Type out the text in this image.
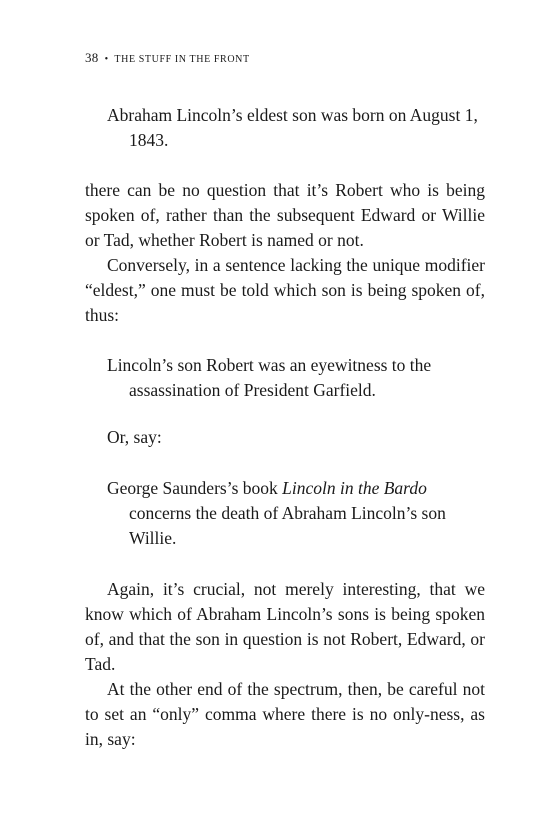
38 • THE STUFF IN THE FRONT

Abraham Lincoln’s eldest son was born on August 1, 1843.

there can be no question that it’s Robert who is being spoken of, rather than the subsequent Edward or Willie or Tad, whether Robert is named or not.

Conversely, in a sentence lacking the unique modifier “eldest,” one must be told which son is being spoken of, thus:

Lincoln’s son Robert was an eyewitness to the assassination of President Garfield.

Or, say:

George Saunders’s book Lincoln in the Bardo concerns the death of Abraham Lincoln’s son Willie.

Again, it’s crucial, not merely interesting, that we know which of Abraham Lincoln’s sons is being spoken of, and that the son in question is not Robert, Edward, or Tad.

At the other end of the spectrum, then, be careful not to set an “only” comma where there is no only-ness, as in, say:
